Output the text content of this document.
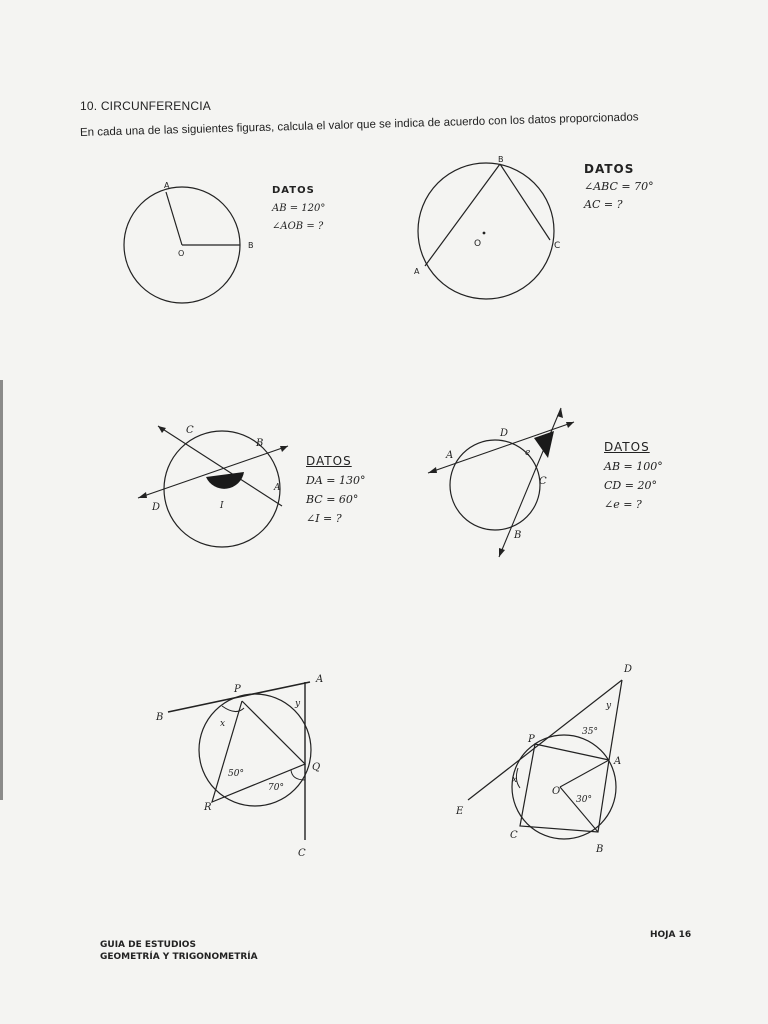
10. CIRCUNFERENCIA
En cada una de las siguientes figuras, calcula el valor que se indica de acuerdo con los datos proporcionados
A
O
B
DATOS
AB = 120°
∠AOB = ?
B
A
C
O
DATOS
∠ABC = 70°
AC = ?
C
B
A
D	I
DATOS
DA = 130°
BC = 60°
∠I = ?
D
A	e
C
B
DATOS
AB = 100°
CD = 20°
∠e = ?
P
A
B
x
y
50°
Q
70°
R
C
D
y
35°
P
A
O
30°
x
E
C
B
GUIA DE ESTUDIOS
GEOMETRÍA Y TRIGONOMETRÍA
HOJA 16
